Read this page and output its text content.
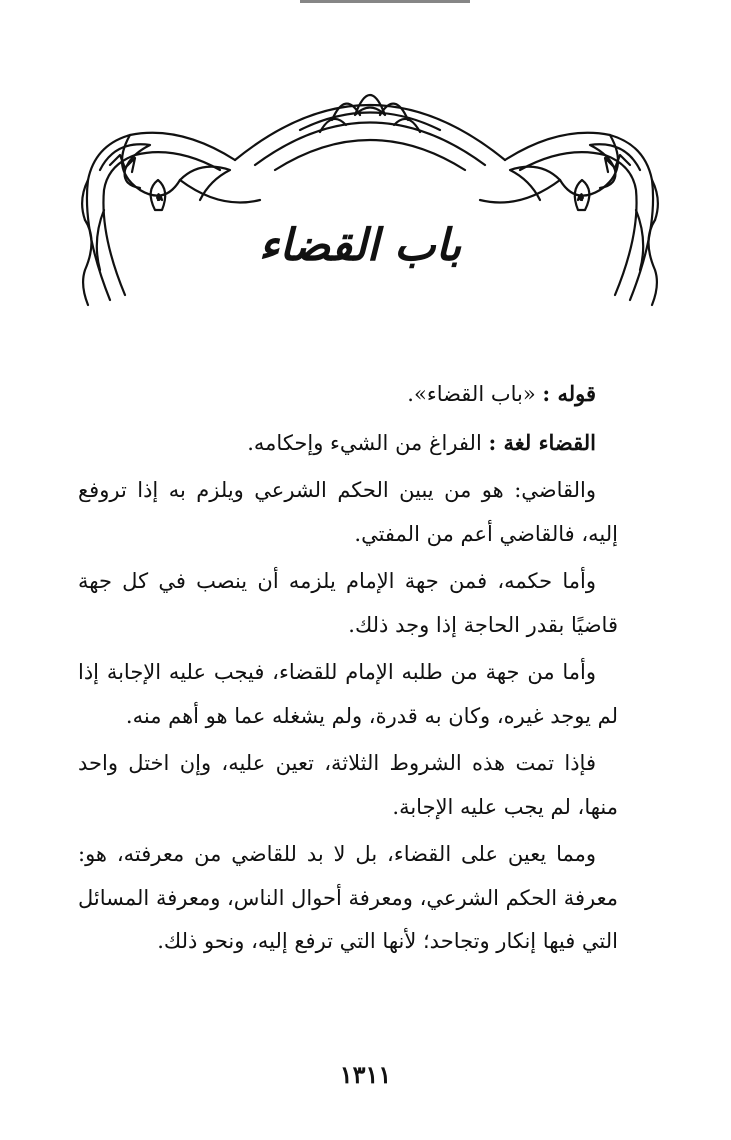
باب القضاء

قوله : «باب القضاء».

القضاء لغة : الفراغ من الشيء وإحكامه.

والقاضي: هو من يبين الحكم الشرعي ويلزم به إذا تروفع إليه، فالقاضي أعم من المفتي.

وأما حكمه، فمن جهة الإمام يلزمه أن ينصب في كل جهة قاضيًا بقدر الحاجة إذا وجد ذلك.

وأما من جهة من طلبه الإمام للقضاء، فيجب عليه الإجابة إذا لم يوجد غيره، وكان به قدرة، ولم يشغله عما هو أهم منه.

فإذا تمت هذه الشروط الثلاثة، تعين عليه، وإن اختل واحد منها، لم يجب عليه الإجابة.

ومما يعين على القضاء، بل لا بد للقاضي من معرفته، هو: معرفة الحكم الشرعي، ومعرفة أحوال الناس، ومعرفة المسائل التي فيها إنكار وتجاحد؛ لأنها التي ترفع إليه، ونحو ذلك.

١٣١١
